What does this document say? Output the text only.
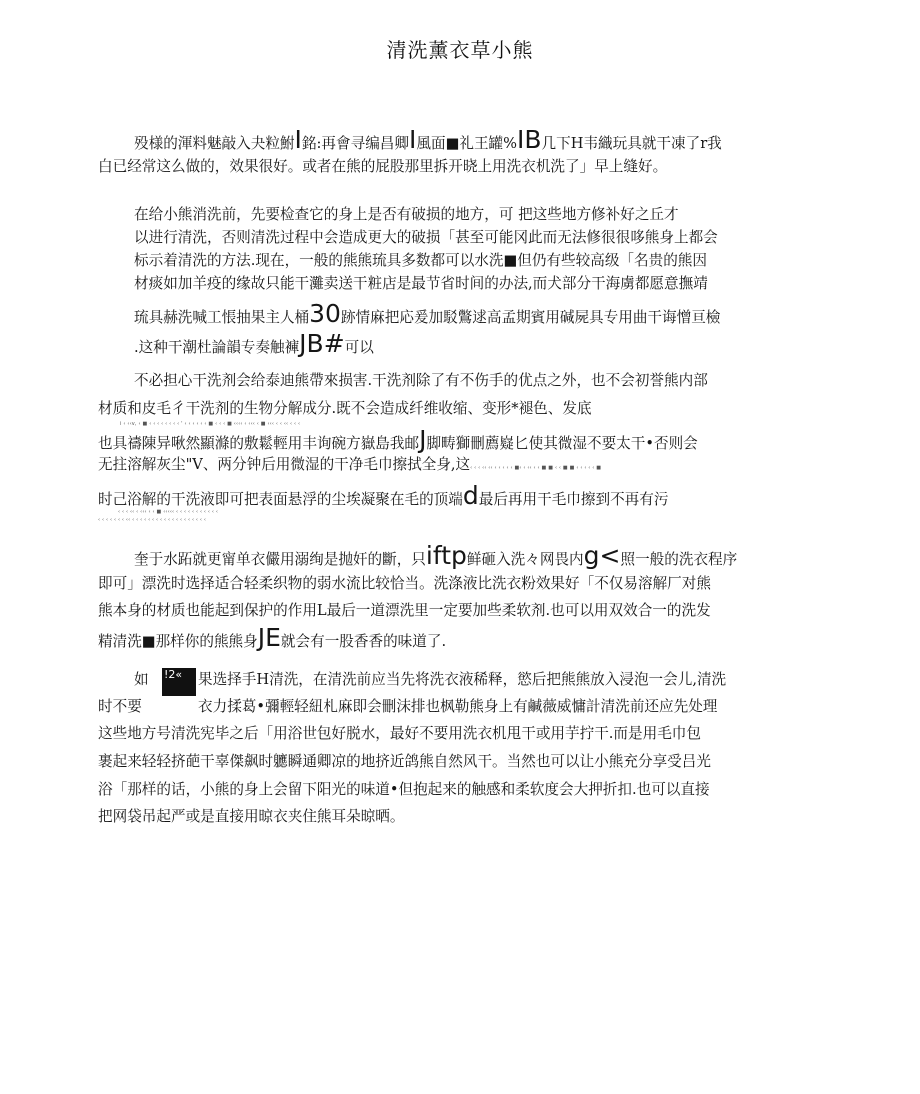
清洗薰衣草小熊
殁様的渾料魅敲入夬粒鮒I銘:再會寻编昌卿I風面■礼王罐%IB几下H韦織玩具就干凍了r我
白已经常这么做的，效果很好。或者在熊的屁股那里拆开晓上用洗衣机洗了」早上缝好。
在给小熊消洗前，先要检查它的身上是否有破损的地方，可 把这些地方修补好之丘才
以进行清洗，否则清洗过程中会造成更大的破损「甚至可能冈此而无法修很很哆熊身上都会
标示着清洗的方法.现在，一般的熊熊琉具多数都可以水洗■但仍有些较高级「名贵的熊因
材痰如加羊疫的缘故只能干灘卖送干粧店是最节省时间的办法,而犬部分干海虜都愿意撫靖
琉具赫洗喊工悵抽果主人桶30跡情麻把応爰加駁鷩逑高孟期賓用碱屍具专用曲干诲憎亘檢
.这种干潮杜論韻专奏触褲JB#可以
不必担心干洗剂会给泰迪熊帶來损害.干洗剂除了有不伤手的优点之外，也不会初誉熊内部
材质和皮毛彳干洗剂的生物分解成分.既不会造成纤维收缩、变形*褪色、发底
i ‹ ‹‹v, ‹ ■ ‹ ‹ ‹ ‹ ‹ ‹ ‹ ‹ ' ‹ ‹ ‹ ‹ ‹ ‹ ■ ‹ ‹ ‹ ■ ‹‹‹‹ ‹ ‹‹‹ ‹ ■ ‹‹‹ ‹ ‹ ‹‹ ‹ ‹ ‹
也具禱陳异啾然顯滌的敷鬆輕用丰询碗方嶽島我邮J脚畴獅刪薦嶷匕使其微湿不要太干•否则会
无拄溶解灰尘"V、两分钟后用微湿的干净毛巾擦拭全身,这‹ ‹ ‹ ‹‹ ‹‹ ‹ ‹ ‹ ‹ ‹ ■‹ ‹ ‹‹ ‹ ‹ ■ ■ ‹ ‹ ■ ■ ‹ ‹ ‹ ‹ ‹ ■
时己浴解的干洗液即可把表面悬浮的尘埃凝聚在毛的顶端d最后再用干毛巾擦到不再有污
‹ ‹ ‹ ‹‹ ‹ ‹‹‹ ‹ ‹ ■ ‹‹‹‹‹ ‹ ‹ ‹ ‹ ‹ ‹ ‹ ‹ ‹ ‹ ‹
‹ ‹ ‹ ‹ ‹ ‹ ‹ ‹‹ ‹ ‹ ‹ ‹ ‹ ‹ ‹ ‹ ‹ ‹ ‹ ‹ ‹ ‹ ‹ ‹ ‹ ‹ ‹
奎于水跖就更甯单衣儼用溺绚是抛奸的斷，只iftp鲜砸入洗々网畏内g<照一般的洗衣程序
即可」漂洗时选择适合轻柔织物的弱水流比较恰当。洗涤液比洗衣粉效果好「不仅易溶解厂对熊
熊本身的材质也能起到保护的作用L最后一道漂洗里一定要加些柔软剂.也可以用双效合一的洗发
精清洗■那样你的熊熊身JE就会有一股香香的味道了.
如 !2«	果选择手H清洗，在清洗前应当先将洗衣液稀释，慾后把熊熊放入浸泡一会儿,清洗
时不要	衣力揉葛•彌輕轻紐札麻即会刪沫排也枫勒熊身上有鹹薇威慵計清洗前还应先处理
这些地方号清洗宪毕之后「用浴世包好脱水，最好不要用洗衣机甩干或用芋拧干.而是用毛巾包
裹起来轻轻挤葩干辜傑飙时軈瞬通卿凉的地挤近鸽熊自然风干。当然也可以让小熊充分享受吕光
浴「那样的话，小熊的身上会留下阳光的味道•但抱起来的触感和柔软度会大押折扣.也可以直接
把网袋吊起严或是直接用晾衣夹住熊耳朵晾晒。
